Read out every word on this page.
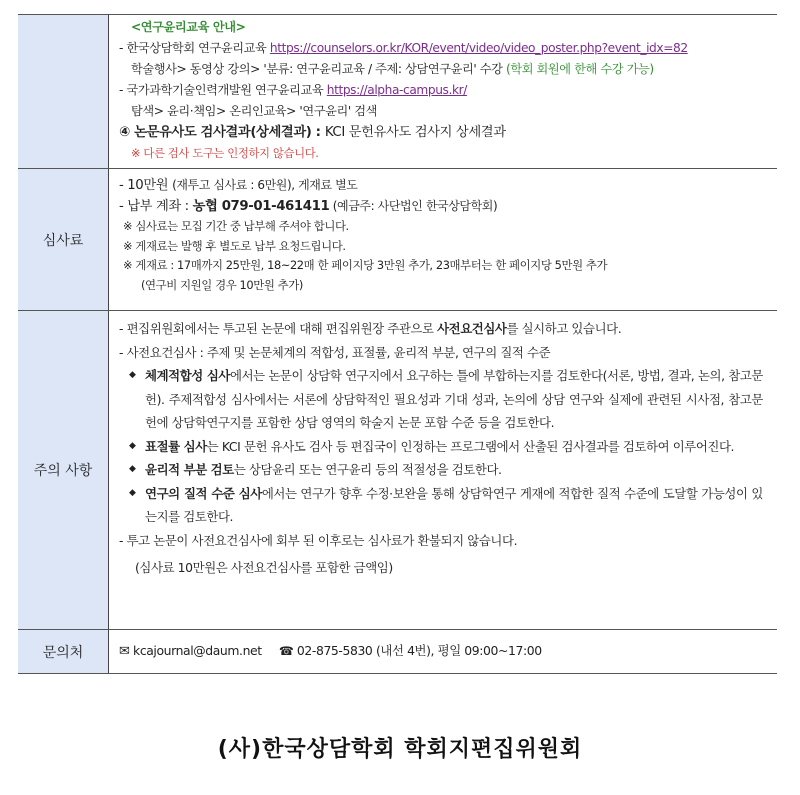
<연구윤리교육 안내>
- 한국상담학회 연구윤리교육 https://counselors.or.kr/KOR/event/video/video_poster.php?event_idx=82
학술행사> 동영상 강의> '분류: 연구윤리교육 / 주제: 상담연구윤리' 수강 (학회 회원에 한해 수강 가능)
- 국가과학기술인력개발원 연구윤리교육 https://alpha-campus.kr/
탐색> 윤리·책임> 온리인교육> '연구윤리' 검색
④ 논문유사도 검사결과(상세결과) : KCI 문헌유사도 검사지 상세결과
※ 다른 검사 도구는 인정하지 않습니다.

심사료	
- 10만원 (재투고 심사료 : 6만원), 게재료 별도
- 납부 계좌 : 농협 079-01-461411 (예금주: 사단법인 한국상담학회)
※ 심사료는 모집 기간 중 납부해 주셔야 합니다.
※ 게재료는 발행 후 별도로 납부 요청드립니다.
※ 게재료 : 17매까지 25만원, 18~22매 한 페이지당 3만원 추가, 23매부터는 한 페이지당 5만원 추가
(연구비 지원일 경우 10만원 추가)

주의 사항	
- 편집위원회에서는 투고된 논문에 대해 편집위원장 주관으로 사전요건심사를 실시하고 있습니다.
- 사전요건심사 : 주제 및 논문체계의 적합성, 표절률, 윤리적 부분, 연구의 질적 수준
◆ 체계적합성 심사에서는 논문이 상담학 연구지에서 요구하는 틀에 부합하는지를 검토한다(서론, 방법, 결과, 논의, 참고문헌). 주제적합성 심사에서는 서론에 상담학적인 필요성과 기대 성과, 논의에 상담 연구와 실제에 관련된 시사점, 참고문헌에 상담학연구지를 포함한 상담 영역의 학술지 논문 포함 수준 등을 검토한다.
◆ 표절률 심사는 KCI 문헌 유사도 검사 등 편집국이 인정하는 프로그램에서 산출된 검사결과를 검토하여 이루어진다.
◆ 윤리적 부분 검토는 상담윤리 또는 연구윤리 등의 적절성을 검토한다.
◆ 연구의 질적 수준 심사에서는 연구가 향후 수정·보완을 통해 상담학연구 게재에 적합한 질적 수준에 도달할 가능성이 있는지를 검토한다.
- 투고 논문이 사전요건심사에 회부 된 이후로는 심사료가 환불되지 않습니다.
(심사료 10만원은 사전요건심사를 포함한 금액임)

문의처	✉ kcajournal@daum.net ☎ 02-875-5830 (내선 4번), 평일 09:00~17:00
(사)한국상담학회 학회지편집위원회
